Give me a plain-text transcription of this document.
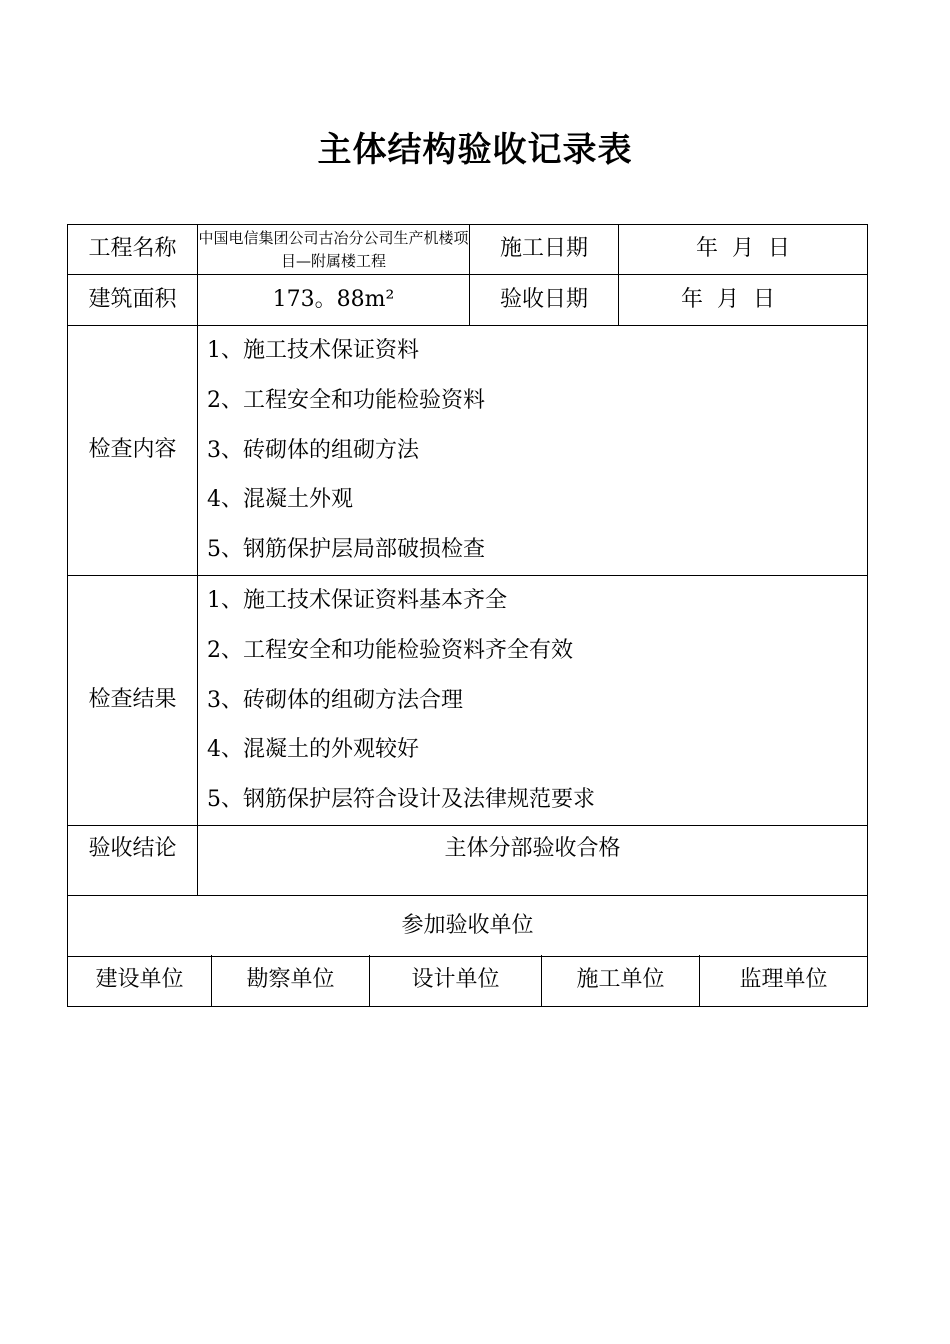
主体结构验收记录表
工程名称	中国电信集团公司古冶分公司生产机楼项目—附属楼工程	施工日期	年  月  日
建筑面积	173。88m²	验收日期	年  月  日
检查内容	1、施工技术保证资料
2、工程安全和功能检验资料
3、砖砌体的组砌方法
4、混凝土外观
5、钢筋保护层局部破损检查		

检查结果	1、施工技术保证资料基本齐全
2、工程安全和功能检验资料齐全有效
3、砖砌体的组砌方法合理
4、混凝土的外观较好
5、钢筋保护层符合设计及法律规范要求		

验收结论	主体分部验收合格		
参加验收单位			
建设单位	勘察单位	设计单位	施工单位	监理单位
